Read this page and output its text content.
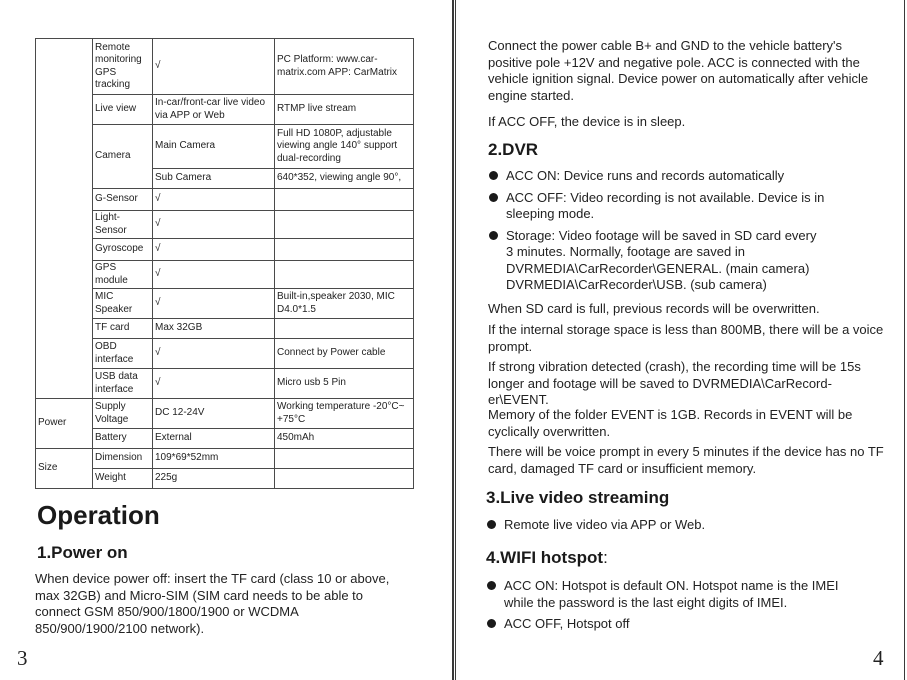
	Remote monitoring GPS tracking	√	PC Platform: www.car-matrix.com APP: CarMatrix
	Live view	In-car/front-car live video via APP or Web	RTMP live stream
	Camera	Main Camera	Full HD 1080P, adjustable viewing angle 140° support dual-recording
		Sub Camera	640*352, viewing angle 90°,
	G-Sensor	√	
	Light-Sensor	√	
	Gyroscope	√	
	GPS module	√	
	MIC Speaker	√	Built-in,speaker 2030, MIC D4.0*1.5
	TF card	Max 32GB	
	OBD interface	√	Connect by Power cable
	USB data interface	√	Micro usb 5 Pin
Power	Supply Voltage	DC 12-24V	Working temperature -20°C~ +75°C
	Battery	External	450mAh
Size	Dimension	109*69*52mm	
	Weight	225g	
Operation
1.Power on

When device power off: insert the TF card (class 10 or above, max 32GB) and Micro-SIM (SIM card needs to be able to connect GSM 850/900/1800/1900 or WCDMA 850/900/1900/2100 network).

3

Connect the power cable B+ and GND to the vehicle battery's positive pole +12V and negative pole. ACC is connected with the vehicle ignition signal. Device power on automatically after vehicle engine started.

If ACC OFF, the device is in sleep.

2.DVR
ACC ON: Device runs and records automatically
ACC OFF: Video recording is not available. Device is in sleeping mode.
Storage: Video footage will be saved in SD card every 3 minutes. Normally, footage are saved in DVRMEDIA\CarRecorder\GENERAL. (main camera) DVRMEDIA\CarRecorder\USB. (sub camera)

When SD card is full, previous records will be overwritten.

If the internal storage space is less than 800MB, there will be a voice prompt.

If strong vibration detected (crash), the recording time will be 15s longer and footage will be saved to DVRMEDIA\CarRecord-er\EVENT.

Memory of the folder EVENT is 1GB. Records in EVENT will be cyclically overwritten.

There will be voice prompt in every 5 minutes if the device has no TF card, damaged TF card or insufficient memory.

3.Live video streaming
Remote live video via APP or Web.
4.WIFI hotspot:
ACC ON: Hotspot is default ON. Hotspot name is the IMEI while the password is the last eight digits of IMEI.
ACC OFF, Hotspot off
4
